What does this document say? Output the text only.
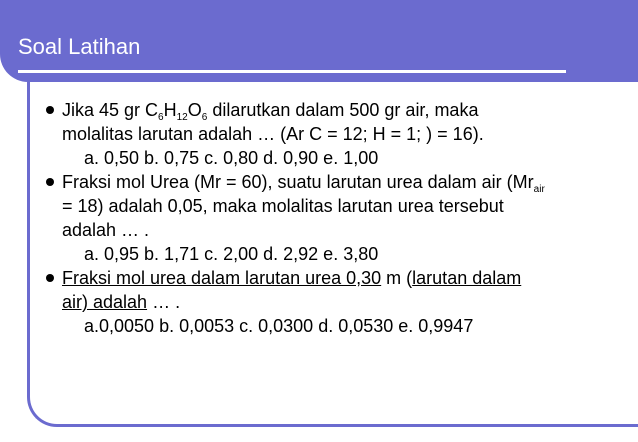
Soal Latihan
Jika 45 gr $C_6H_{12}O_6$ dilarutkan dalam 500 gr air, maka
molalitas larutan adalah … (Ar C = 12; H = 1; ) = 16).
a. 0,50 b. 0,75 c. 0,80 d. 0,90 e. 1,00
Fraksi mol Urea (Mr = 60), suatu larutan urea dalam air ($Mr_{air}$
= 18) adalah 0,05, maka molalitas larutan urea tersebut
adalah … .
a. 0,95 b. 1,71 c. 2,00 d. 2,92 e. 3,80
Fraksi mol urea dalam larutan urea 0,30 m (larutan dalam
air) adalah … .
a.0,0050 b. 0,0053 c. 0,0300 d. 0,0530 e. 0,9947
